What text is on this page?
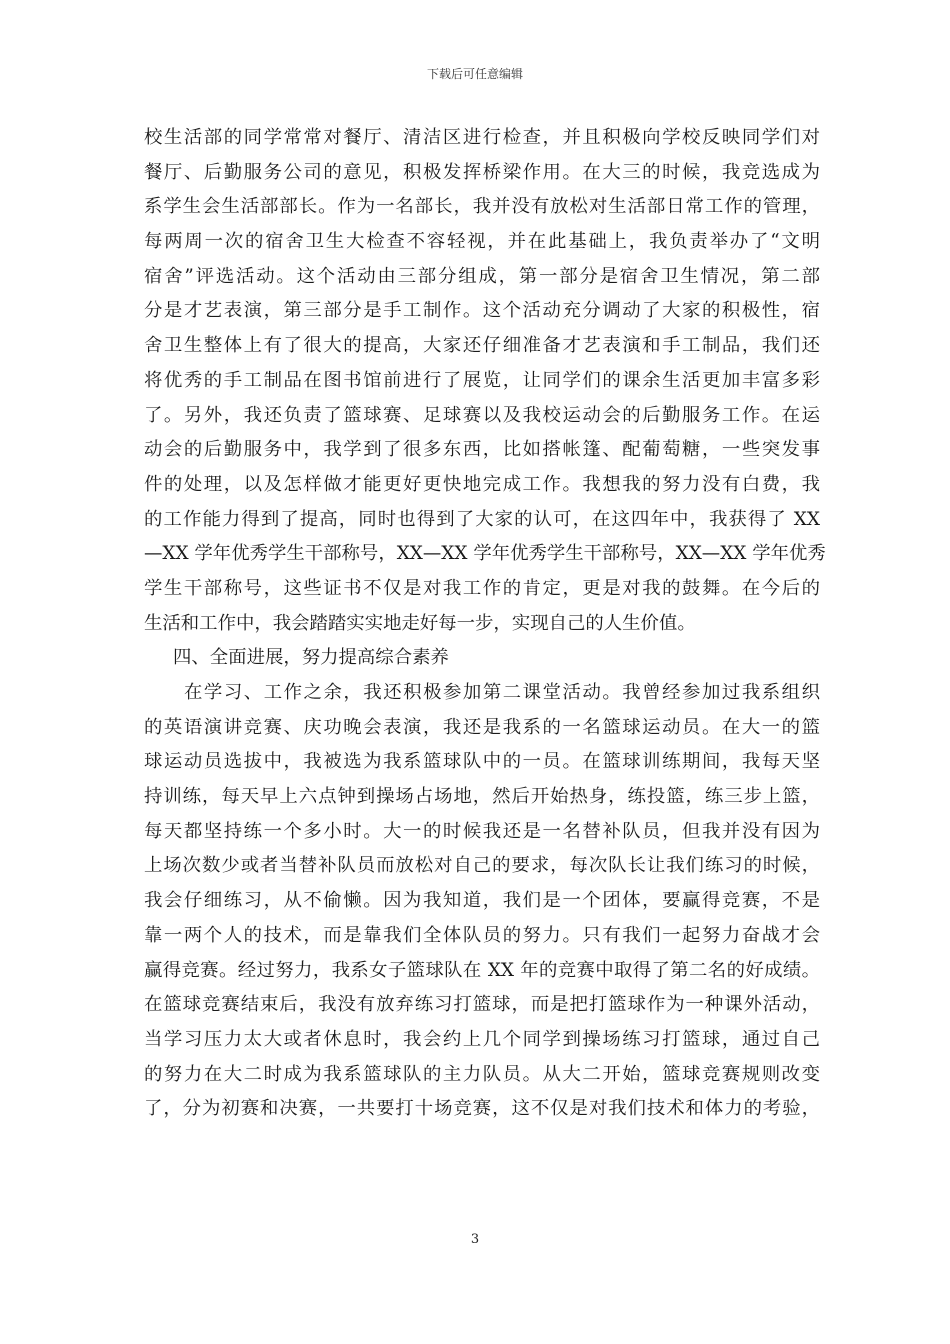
下载后可任意编辑
校生活部的同学常常对餐厅、清洁区进行检查，并且积极向学校反映同学们对
餐厅、后勤服务公司的意见，积极发挥桥梁作用。在大三的时候，我竞选成为
系学生会生活部部长。作为一名部长，我并没有放松对生活部日常工作的管理，
每两周一次的宿舍卫生大检查不容轻视，并在此基础上，我负责举办了“文明
宿舍”评选活动。这个活动由三部分组成，第一部分是宿舍卫生情况，第二部
分是才艺表演，第三部分是手工制作。这个活动充分调动了大家的积极性，宿
舍卫生整体上有了很大的提高，大家还仔细准备才艺表演和手工制品，我们还
将优秀的手工制品在图书馆前进行了展览，让同学们的课余生活更加丰富多彩
了。另外，我还负责了篮球赛、足球赛以及我校运动会的后勤服务工作。在运
动会的后勤服务中，我学到了很多东西，比如搭帐篷、配葡萄糖，一些突发事
件的处理，以及怎样做才能更好更快地完成工作。我想我的努力没有白费，我
的工作能力得到了提高，同时也得到了大家的认可，在这四年中，我获得了 XX
—XX 学年优秀学生干部称号，XX—XX 学年优秀学生干部称号，XX—XX 学年优秀
学生干部称号，这些证书不仅是对我工作的肯定，更是对我的鼓舞。在今后的
生活和工作中，我会踏踏实实地走好每一步，实现自己的人生价值。
四、全面进展，努力提高综合素养
在学习、工作之余，我还积极参加第二课堂活动。我曾经参加过我系组织
的英语演讲竞赛、庆功晚会表演，我还是我系的一名篮球运动员。在大一的篮
球运动员选拔中，我被选为我系篮球队中的一员。在篮球训练期间，我每天坚
持训练，每天早上六点钟到操场占场地，然后开始热身，练投篮，练三步上篮，
每天都坚持练一个多小时。大一的时候我还是一名替补队员，但我并没有因为
上场次数少或者当替补队员而放松对自己的要求，每次队长让我们练习的时候，
我会仔细练习，从不偷懒。因为我知道，我们是一个团体，要赢得竞赛，不是
靠一两个人的技术，而是靠我们全体队员的努力。只有我们一起努力奋战才会
赢得竞赛。经过努力，我系女子篮球队在 XX 年的竞赛中取得了第二名的好成绩。
在篮球竞赛结束后，我没有放弃练习打篮球，而是把打篮球作为一种课外活动，
当学习压力太大或者休息时，我会约上几个同学到操场练习打篮球，通过自己
的努力在大二时成为我系篮球队的主力队员。从大二开始，篮球竞赛规则改变
了，分为初赛和决赛，一共要打十场竞赛，这不仅是对我们技术和体力的考验，
3
